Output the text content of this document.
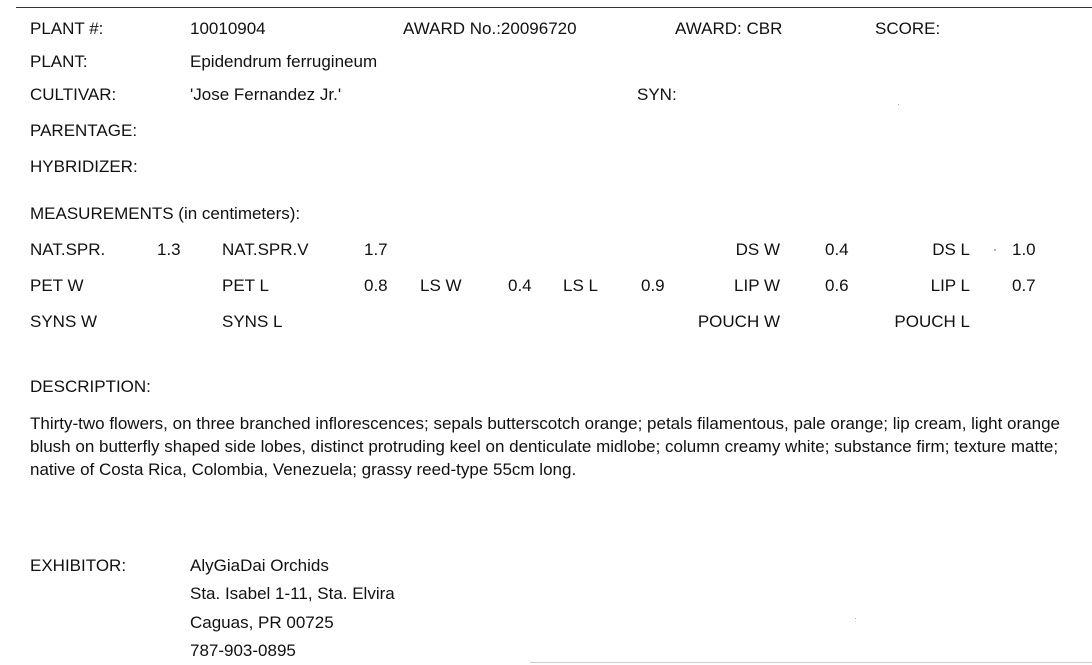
PLANT #:	10010904	AWARD No.:20096720	AWARD: CBR	SCORE:
PLANT:	Epidendrum ferrugineum
CULTIVAR:	'Jose Fernandez Jr.'	SYN:
PARENTAGE:
HYBRIDIZER:
MEASUREMENTS (in centimeters):
NAT.SPR.	1.3 NAT.SPR.V	1.7	DS W	0.4	DS L 1.0
PET W	PET L	0.8 LS W	0.4 LS L	0.9	LIP W	0.6	LIP L 0.7
SYNS W	SYNS L	POUCH W	POUCH L
DESCRIPTION:
Thirty-two flowers, on three branched inflorescences; sepals butterscotch orange; petals filamentous, pale orange; lip cream, light orange blush on butterfly shaped side lobes, distinct protruding keel on denticulate midlobe; column creamy white; substance firm; texture matte; native of Costa Rica, Colombia, Venezuela; grassy reed-type 55cm long.
EXHIBITOR:	AlyGiaDai Orchids
Sta. Isabel 1-11, Sta. Elvira
Caguas, PR 00725
787-903-0895
